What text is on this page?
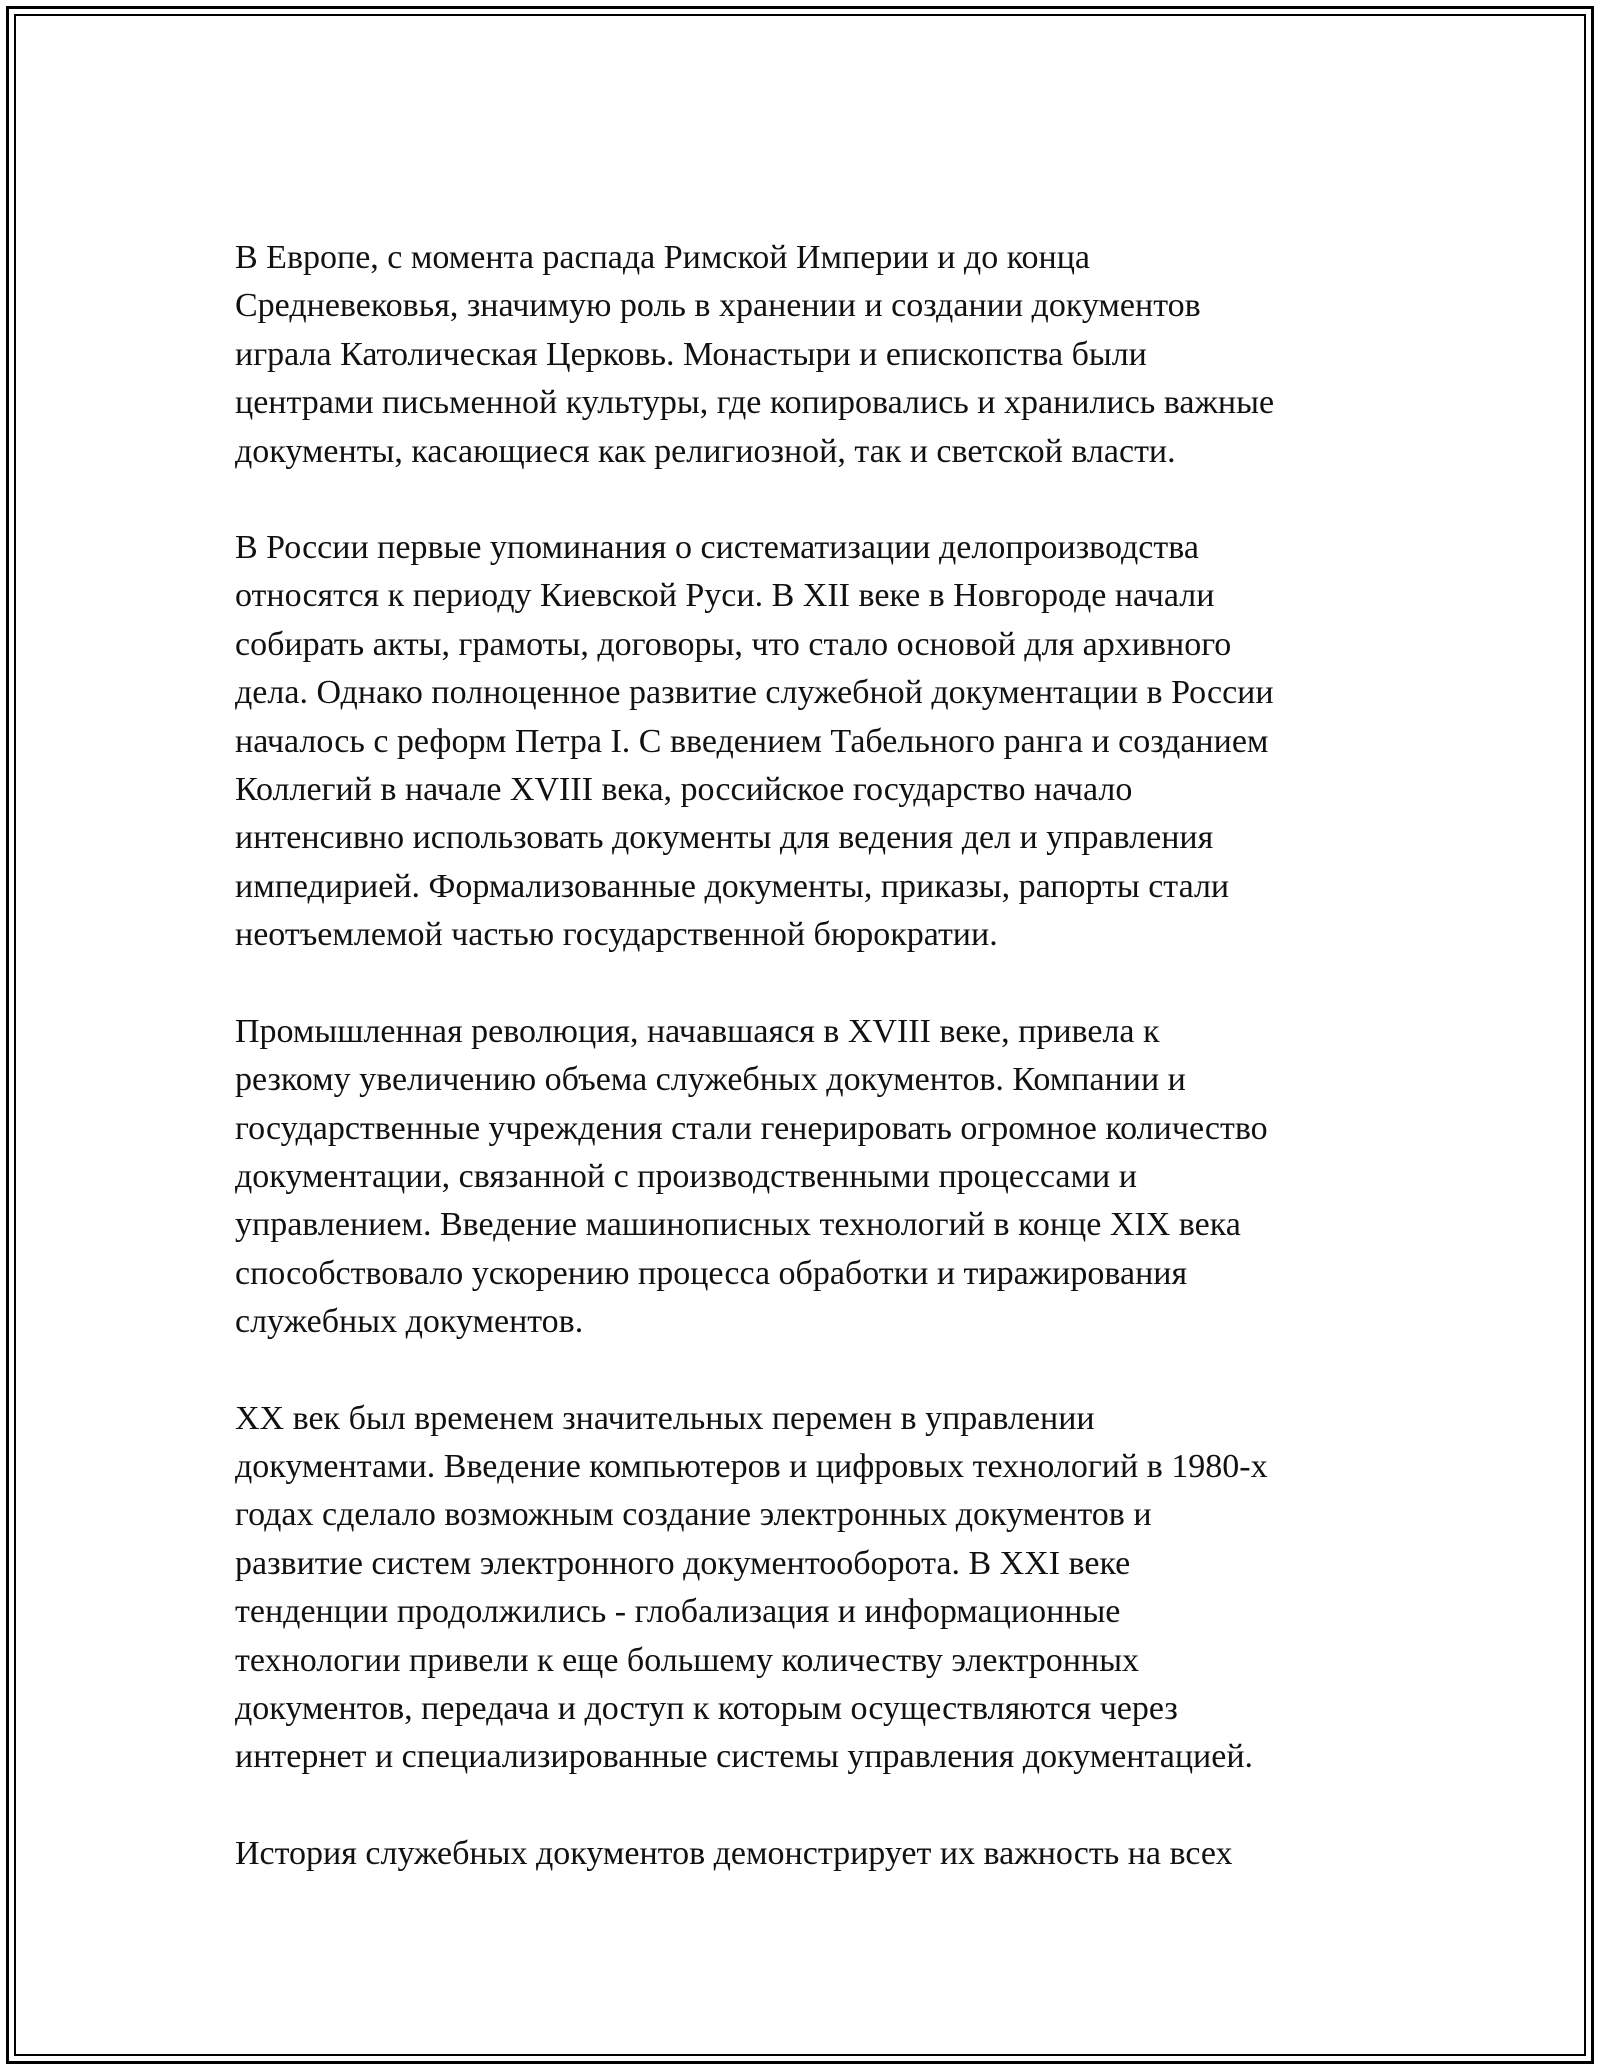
В Европе, с момента распада Римской Империи и до конца
Средневековья, значимую роль в хранении и создании документов
играла Католическая Церковь. Монастыри и епископства были
центрами письменной культуры, где копировались и хранились важные
документы, касающиеся как религиозной, так и светской власти.
В России первые упоминания о систематизации делопроизводства
относятся к периоду Киевской Руси. В XII веке в Новгороде начали
собирать акты, грамоты, договоры, что стало основой для архивного
дела. Однако полноценное развитие служебной документации в России
началось с реформ Петра I. С введением Табельного ранга и созданием
Коллегий в начале XVIII века, российское государство начало
интенсивно использовать документы для ведения дел и управления
импедирией. Формализованные документы, приказы, рапорты стали
неотъемлемой частью государственной бюрократии.
Промышленная революция, начавшаяся в XVIII веке, привела к
резкому увеличению объема служебных документов. Компании и
государственные учреждения стали генерировать огромное количество
документации, связанной с производственными процессами и
управлением. Введение машинописных технологий в конце XIX века
способствовало ускорению процесса обработки и тиражирования
служебных документов.
XX век был временем значительных перемен в управлении
документами. Введение компьютеров и цифровых технологий в 1980-х
годах сделало возможным создание электронных документов и
развитие систем электронного документооборота. В XXI веке
тенденции продолжились - глобализация и информационные
технологии привели к еще большему количеству электронных
документов, передача и доступ к которым осуществляются через
интернет и специализированные системы управления документацией.
История служебных документов демонстрирует их важность на всех
